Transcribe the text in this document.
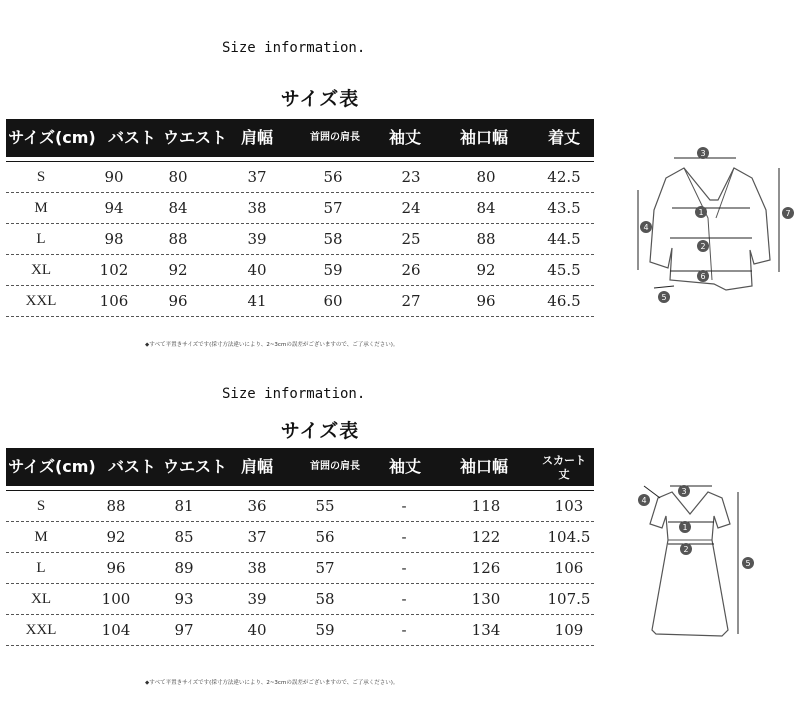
Size information.
サイズ表
サイズ(cm) バスト ウエスト 肩幅	首囲の肩長	袖丈	袖口幅	着丈
S	90	80	37	56	23	80	42.5
M	94	84	38	57	24	84	43.5
L	98	88	39	58	25	88	44.5
XL	102	92	40	59	26	92	45.5
XXL	106	96	41	60	27	96	46.5
◆すべて平置きサイズです(採寸方法違いにより、2~3cmの誤差がございますので、ご了承ください)。
3
1
2
6
4
7
5
Size information.
サイズ表
サイズ(cm) バスト ウエスト 肩幅	首囲の肩長	袖丈	袖口幅	スカート
丈
S	88	81	36	55	-	118	103
M	92	85	37	56	-	122	104.5
L	96	89	38	57	-	126	106
XL	100	93	39	58	-	130	107.5
XXL	104	97	40	59	-	134	109
◆すべて平置きサイズです(採寸方法違いにより、2~3cmの誤差がございますので、ご了承ください)。
3
1
2
4
5
